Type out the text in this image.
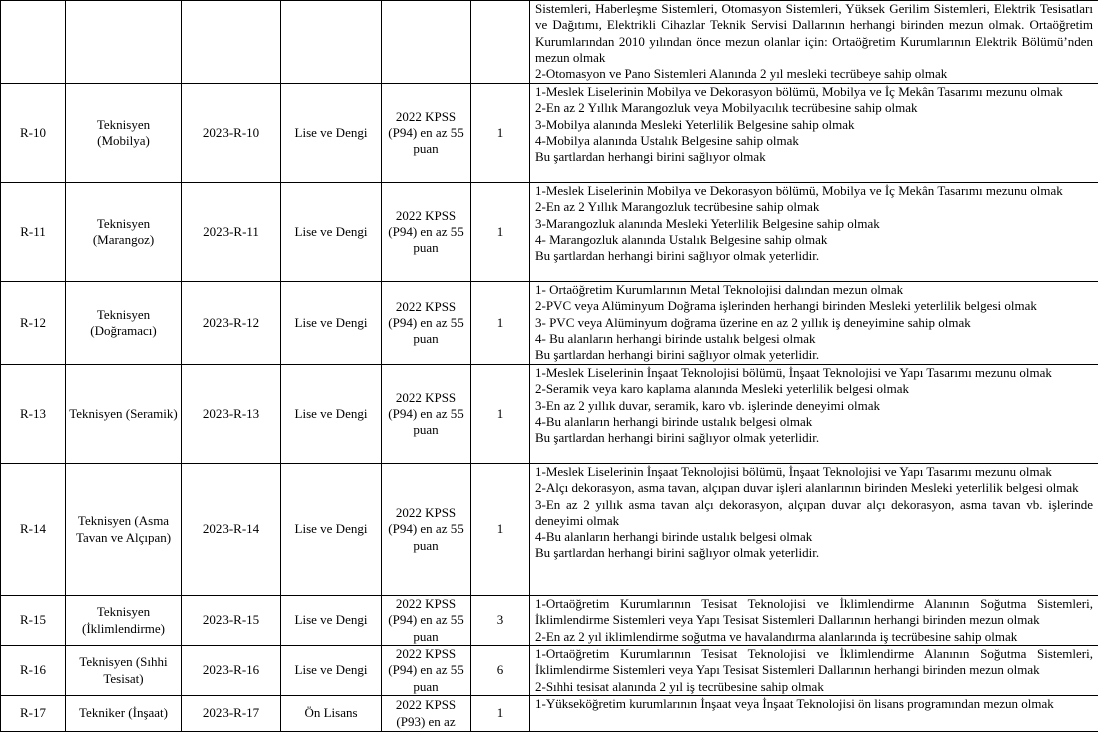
						Sistemleri, Haberleşme Sistemleri, Otomasyon Sistemleri, Yüksek Gerilim Sistemleri, Elektrik Tesisatları ve Dağıtımı, Elektrikli Cihazlar Teknik Servisi Dallarının herhangi birinden mezun olmak. Ortaöğretim Kurumlarından 2010 yılından önce mezun olanlar için: Ortaöğretim Kurumlarının Elektrik Bölümü’nden mezun olmak
2-Otomasyon ve Pano Sistemleri Alanında 2 yıl mesleki tecrübeye sahip olmak

R-10	Teknisyen (Mobilya)	2023-R-10	Lise ve Dengi	2022 KPSS (P94) en az 55 puan	1	1-Meslek Liselerinin Mobilya ve Dekorasyon bölümü, Mobilya ve İç Mekân Tasarımı mezunu olmak
2-En az 2 Yıllık Marangozluk veya Mobilyacılık tecrübesine sahip olmak
3-Mobilya alanında Mesleki Yeterlilik Belgesine sahip olmak
4-Mobilya alanında Ustalık Belgesine sahip olmak
Bu şartlardan herhangi birini sağlıyor olmak

R-11	Teknisyen (Marangoz)	2023-R-11	Lise ve Dengi	2022 KPSS (P94) en az 55 puan	1	1-Meslek Liselerinin Mobilya ve Dekorasyon bölümü, Mobilya ve İç Mekân Tasarımı mezunu olmak
2-En az 2 Yıllık Marangozluk tecrübesine sahip olmak
3-Marangozluk alanında Mesleki Yeterlilik Belgesine sahip olmak
4- Marangozluk alanında Ustalık Belgesine sahip olmak
Bu şartlardan herhangi birini sağlıyor olmak yeterlidir.

R-12	Teknisyen (Doğramacı)	2023-R-12	Lise ve Dengi	2022 KPSS (P94) en az 55 puan	1	1- Ortaöğretim Kurumlarının Metal Teknolojisi dalından mezun olmak
2-PVC veya Alüminyum Doğrama işlerinden herhangi birinden Mesleki yeterlilik belgesi olmak
3- PVC veya Alüminyum doğrama üzerine en az 2 yıllık iş deneyimine sahip olmak
4- Bu alanların herhangi birinde ustalık belgesi olmak
Bu şartlardan herhangi birini sağlıyor olmak yeterlidir.

R-13	Teknisyen (Seramik)	2023-R-13	Lise ve Dengi	2022 KPSS (P94) en az 55 puan	1	1-Meslek Liselerinin İnşaat Teknolojisi bölümü, İnşaat Teknolojisi ve Yapı Tasarımı mezunu olmak
2-Seramik veya karo kaplama alanında Mesleki yeterlilik belgesi olmak
3-En az 2 yıllık duvar, seramik, karo vb. işlerinde deneyimi olmak
4-Bu alanların herhangi birinde ustalık belgesi olmak
Bu şartlardan herhangi birini sağlıyor olmak yeterlidir.

R-14	Teknisyen (Asma Tavan ve Alçıpan)	2023-R-14	Lise ve Dengi	2022 KPSS (P94) en az 55 puan	1	1-Meslek Liselerinin İnşaat Teknolojisi bölümü, İnşaat Teknolojisi ve Yapı Tasarımı mezunu olmak
2-Alçı dekorasyon, asma tavan, alçıpan duvar işleri alanlarının birinden Mesleki yeterlilik belgesi olmak
3-En az 2 yıllık asma tavan alçı dekorasyon, alçıpan duvar alçı dekorasyon, asma tavan vb. işlerinde deneyimi olmak
4-Bu alanların herhangi birinde ustalık belgesi olmak
Bu şartlardan herhangi birini sağlıyor olmak yeterlidir.

R-15	Teknisyen (İklimlendirme)	2023-R-15	Lise ve Dengi	2022 KPSS (P94) en az 55 puan	3	1-Ortaöğretim Kurumlarının Tesisat Teknolojisi ve İklimlendirme Alanının Soğutma Sistemleri, İklimlendirme Sistemleri veya Yapı Tesisat Sistemleri Dallarının herhangi birinden mezun olmak
2-En az 2 yıl iklimlendirme soğutma ve havalandırma alanlarında iş tecrübesine sahip olmak

R-16	Teknisyen (Sıhhi Tesisat)	2023-R-16	Lise ve Dengi	2022 KPSS (P94) en az 55 puan	6	1-Ortaöğretim Kurumlarının Tesisat Teknolojisi ve İklimlendirme Alanının Soğutma Sistemleri, İklimlendirme Sistemleri veya Yapı Tesisat Sistemleri Dallarının herhangi birinden mezun olmak
2-Sıhhi tesisat alanında 2 yıl iş tecrübesine sahip olmak

R-17	Tekniker (İnşaat)	2023-R-17	Ön Lisans	2022 KPSS (P93) en az	1	1-Yükseköğretim kurumlarının İnşaat veya İnşaat Teknolojisi ön lisans programından mezun olmak
